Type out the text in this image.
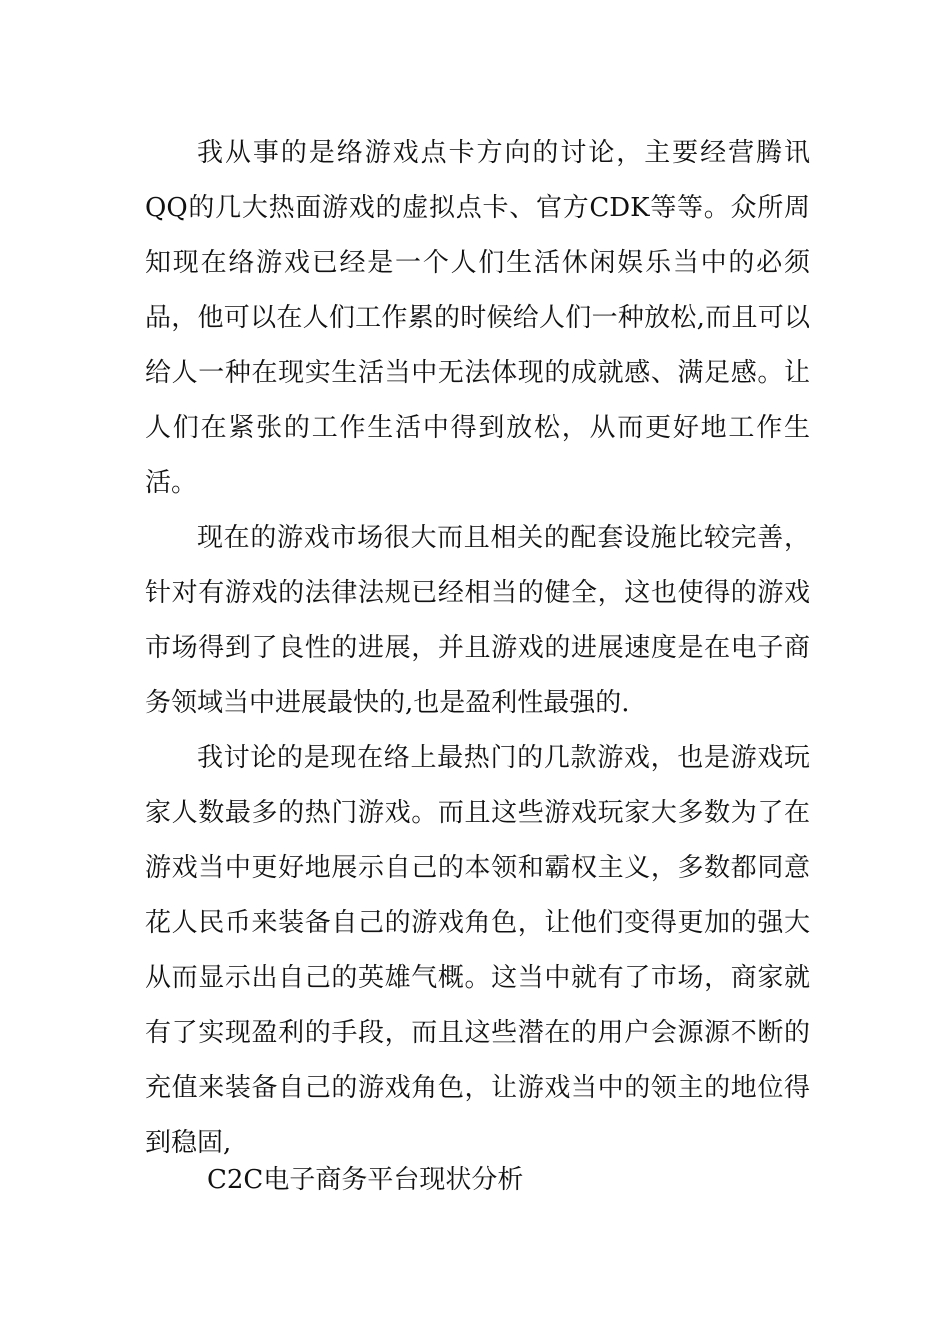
我从事的是络游戏点卡方向的讨论，主要经营腾讯QQ的几大热面游戏的虚拟点卡、官方CDK等等。众所周知现在络游戏已经是一个人们生活休闲娱乐当中的必须品，他可以在人们工作累的时候给人们一种放松,而且可以给人一种在现实生活当中无法体现的成就感、满足感。让人们在紧张的工作生活中得到放松，从而更好地工作生活。

现在的游戏市场很大而且相关的配套设施比较完善，针对有游戏的法律法规已经相当的健全，这也使得的游戏市场得到了良性的进展，并且游戏的进展速度是在电子商务领域当中进展最快的,也是盈利性最强的.

我讨论的是现在络上最热门的几款游戏，也是游戏玩家人数最多的热门游戏。而且这些游戏玩家大多数为了在游戏当中更好地展示自己的本领和霸权主义，多数都同意花人民币来装备自己的游戏角色，让他们变得更加的强大从而显示出自己的英雄气概。这当中就有了市场，商家就有了实现盈利的手段，而且这些潜在的用户会源源不断的充值来装备自己的游戏角色，让游戏当中的领主的地位得到稳固,

C2C电子商务平台现状分析
